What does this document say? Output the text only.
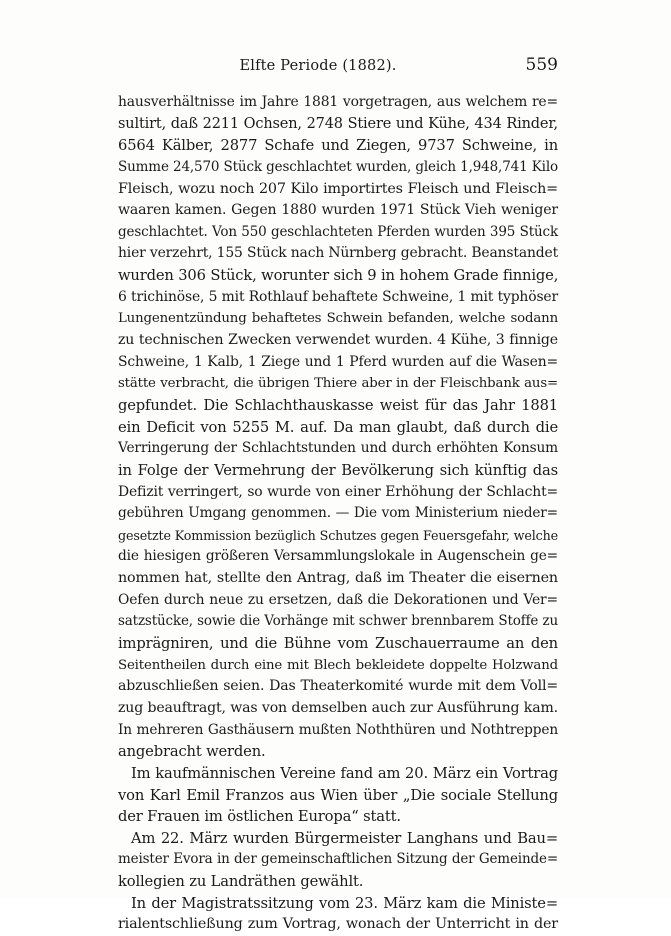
Elfte Periode (1882).	559
hausverhältnisse im Jahre 1881 vorgetragen, aus welchem re=
sultirt, daß 2211 Ochsen, 2748 Stiere und Kühe, 434 Rinder,
6564 Kälber, 2877 Schafe und Ziegen, 9737 Schweine, in
Summe 24,570 Stück geschlachtet wurden, gleich 1,948,741 Kilo
Fleisch, wozu noch 207 Kilo importirtes Fleisch und Fleisch=
waaren kamen. Gegen 1880 wurden 1971 Stück Vieh weniger
geschlachtet. Von 550 geschlachteten Pferden wurden 395 Stück
hier verzehrt, 155 Stück nach Nürnberg gebracht. Beanstandet
wurden 306 Stück, worunter sich 9 in hohem Grade finnige,
6 trichinöse, 5 mit Rothlauf behaftete Schweine, 1 mit typhöser
Lungenentzündung behaftetes Schwein befanden, welche sodann
zu technischen Zwecken verwendet wurden. 4 Kühe, 3 finnige
Schweine, 1 Kalb, 1 Ziege und 1 Pferd wurden auf die Wasen=
stätte verbracht, die übrigen Thiere aber in der Fleischbank aus=
gepfundet. Die Schlachthauskasse weist für das Jahr 1881
ein Deficit von 5255 M. auf. Da man glaubt, daß durch die
Verringerung der Schlachtstunden und durch erhöhten Konsum
in Folge der Vermehrung der Bevölkerung sich künftig das
Defizit verringert, so wurde von einer Erhöhung der Schlacht=
gebühren Umgang genommen. — Die vom Ministerium nieder=
gesetzte Kommission bezüglich Schutzes gegen Feuersgefahr, welche
die hiesigen größeren Versammlungslokale in Augenschein ge=
nommen hat, stellte den Antrag, daß im Theater die eisernen
Oefen durch neue zu ersetzen, daß die Dekorationen und Ver=
satzstücke, sowie die Vorhänge mit schwer brennbarem Stoffe zu
imprägniren, und die Bühne vom Zuschauerraume an den
Seitentheilen durch eine mit Blech bekleidete doppelte Holzwand
abzuschließen seien. Das Theaterkomité wurde mit dem Voll=
zug beauftragt, was von demselben auch zur Ausführung kam.
In mehreren Gasthäusern mußten Noththüren und Nothtreppen
angebracht werden.
Im kaufmännischen Vereine fand am 20. März ein Vortrag
von Karl Emil Franzos aus Wien über „Die sociale Stellung
der Frauen im östlichen Europa“ statt.
Am 22. März wurden Bürgermeister Langhans und Bau=
meister Evora in der gemeinschaftlichen Sitzung der Gemeinde=
kollegien zu Landräthen gewählt.
In der Magistratssitzung vom 23. März kam die Ministe=
rialentschließung zum Vortrag, wonach der Unterricht in der
